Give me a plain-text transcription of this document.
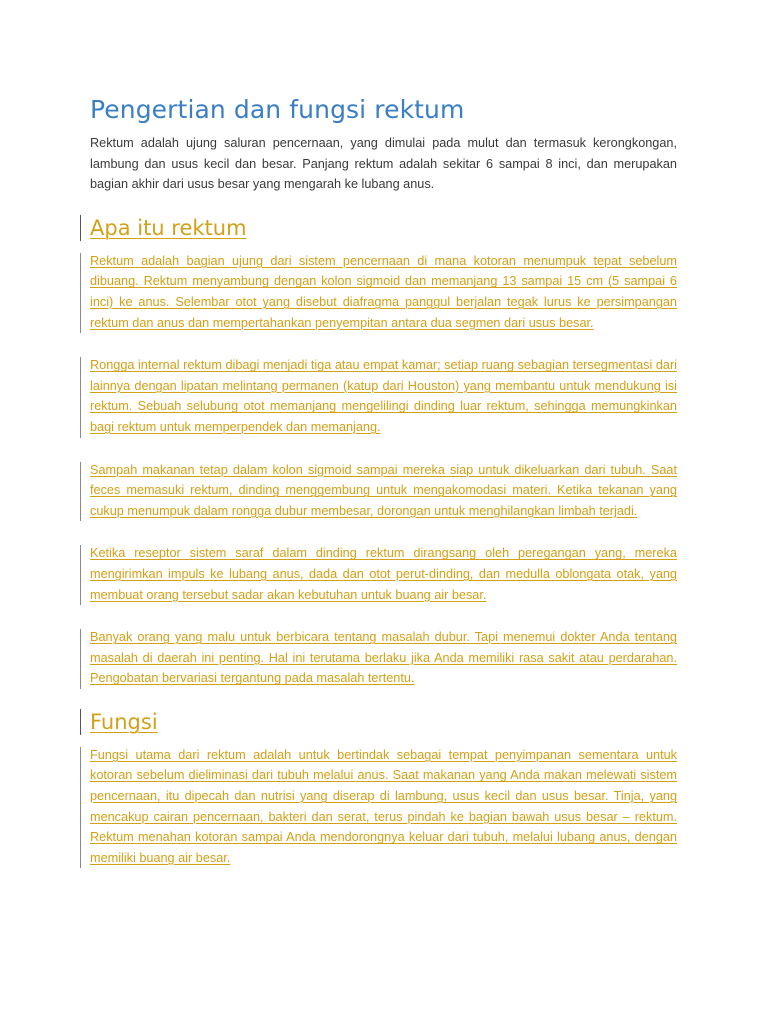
Pengertian dan fungsi rektum

Rektum adalah ujung saluran pencernaan, yang dimulai pada mulut dan termasuk kerongkongan, lambung dan usus kecil dan besar. Panjang rektum adalah sekitar 6 sampai 8 inci, dan merupakan bagian akhir dari usus besar yang mengarah ke lubang anus.

Apa itu rektum

Rektum adalah bagian ujung dari sistem pencernaan di mana kotoran menumpuk tepat sebelum dibuang. Rektum menyambung dengan kolon sigmoid dan memanjang 13 sampai 15 cm (5 sampai 6 inci) ke anus. Selembar otot yang disebut diafragma panggul berjalan tegak lurus ke persimpangan rektum dan anus dan mempertahankan penyempitan antara dua segmen dari usus besar.

Rongga internal rektum dibagi menjadi tiga atau empat kamar; setiap ruang sebagian tersegmentasi dari lainnya dengan lipatan melintang permanen (katup dari Houston) yang membantu untuk mendukung isi rektum. Sebuah selubung otot memanjang mengelilingi dinding luar rektum, sehingga memungkinkan bagi rektum untuk memperpendek dan memanjang.

Sampah makanan tetap dalam kolon sigmoid sampai mereka siap untuk dikeluarkan dari tubuh. Saat feces memasuki rektum, dinding menggembung untuk mengakomodasi materi. Ketika tekanan yang cukup menumpuk dalam rongga dubur membesar, dorongan untuk menghilangkan limbah terjadi.

Ketika reseptor sistem saraf dalam dinding rektum dirangsang oleh peregangan yang, mereka mengirimkan impuls ke lubang anus, dada dan otot perut-dinding, dan medulla oblongata otak, yang membuat orang tersebut sadar akan kebutuhan untuk buang air besar.

Banyak orang yang malu untuk berbicara tentang masalah dubur. Tapi menemui dokter Anda tentang masalah di daerah ini penting. Hal ini terutama berlaku jika Anda memiliki rasa sakit atau perdarahan. Pengobatan bervariasi tergantung pada masalah tertentu.

Fungsi

Fungsi utama dari rektum adalah untuk bertindak sebagai tempat penyimpanan sementara untuk kotoran sebelum dieliminasi dari tubuh melalui anus. Saat makanan yang Anda makan melewati sistem pencernaan, itu dipecah dan nutrisi yang diserap di lambung, usus kecil dan usus besar. Tinja, yang mencakup cairan pencernaan, bakteri dan serat, terus pindah ke bagian bawah usus besar – rektum. Rektum menahan kotoran sampai Anda mendorongnya keluar dari tubuh, melalui lubang anus, dengan memiliki buang air besar.
